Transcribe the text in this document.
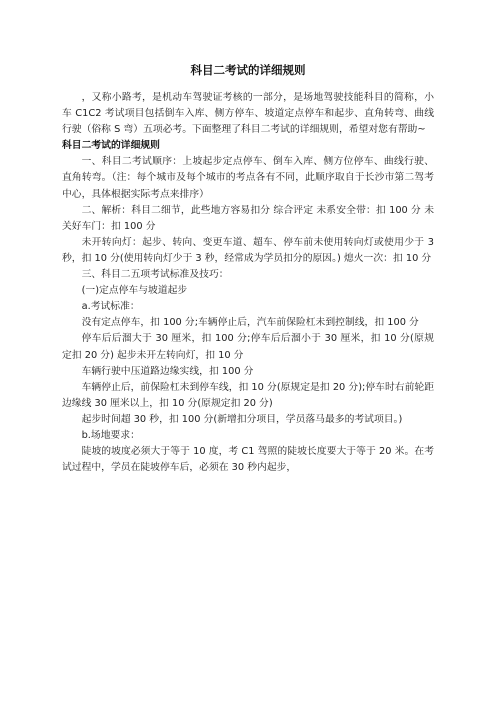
科目二考试的详细规则

，又称小路考，是机动车驾驶证考核的一部分，是场地驾驶技能科目的简称，小车 C1C2 考试项目包括倒车入库、侧方停车、坡道定点停车和起步、直角转弯、曲线行驶（俗称 S 弯）五项必考。下面整理了科目二考试的详细规则，希望对您有帮助~

科目二考试的详细规则

一、科目二考试顺序：上坡起步定点停车、倒车入库、侧方位停车、曲线行驶、直角转弯。（注：每个城市及每个城市的考点各有不同，此顺序取自于长沙市第二驾考中心，具体根据实际考点来排序）

二、解析：科目二细节，此些地方容易扣分 综合评定 未系安全带：扣 100 分 未关好车门：扣 100 分

未开转向灯：起步、转向、变更车道、超车、停车前未使用转向灯或使用少于 3 秒，扣 10 分(使用转向灯少于 3 秒，经常成为学员扣分的原因。) 熄火一次：扣 10 分

三、科目二五项考试标准及技巧：

(一)定点停车与坡道起步

a.考试标准：

没有定点停车，扣 100 分;车辆停止后，汽车前保险杠未到控制线，扣 100 分

停车后后溜大于 30 厘米，扣 100 分;停车后后溜小于 30 厘米，扣 10 分(原规定扣 20 分) 起步未开左转向灯，扣 10 分

车辆行驶中压道路边缘实线，扣 100 分

车辆停止后，前保险杠未到停车线，扣 10 分(原规定是扣 20 分);停车时右前轮距边缘线 30 厘米以上，扣 10 分(原规定扣 20 分)

起步时间超 30 秒，扣 100 分(新增扣分项目，学员落马最多的考试项目。)

b.场地要求：

陡坡的坡度必须大于等于 10 度，考 C1 驾照的陡坡长度要大于等于 20 米。在考试过程中，学员在陡坡停车后，必须在 30 秒内起步，
